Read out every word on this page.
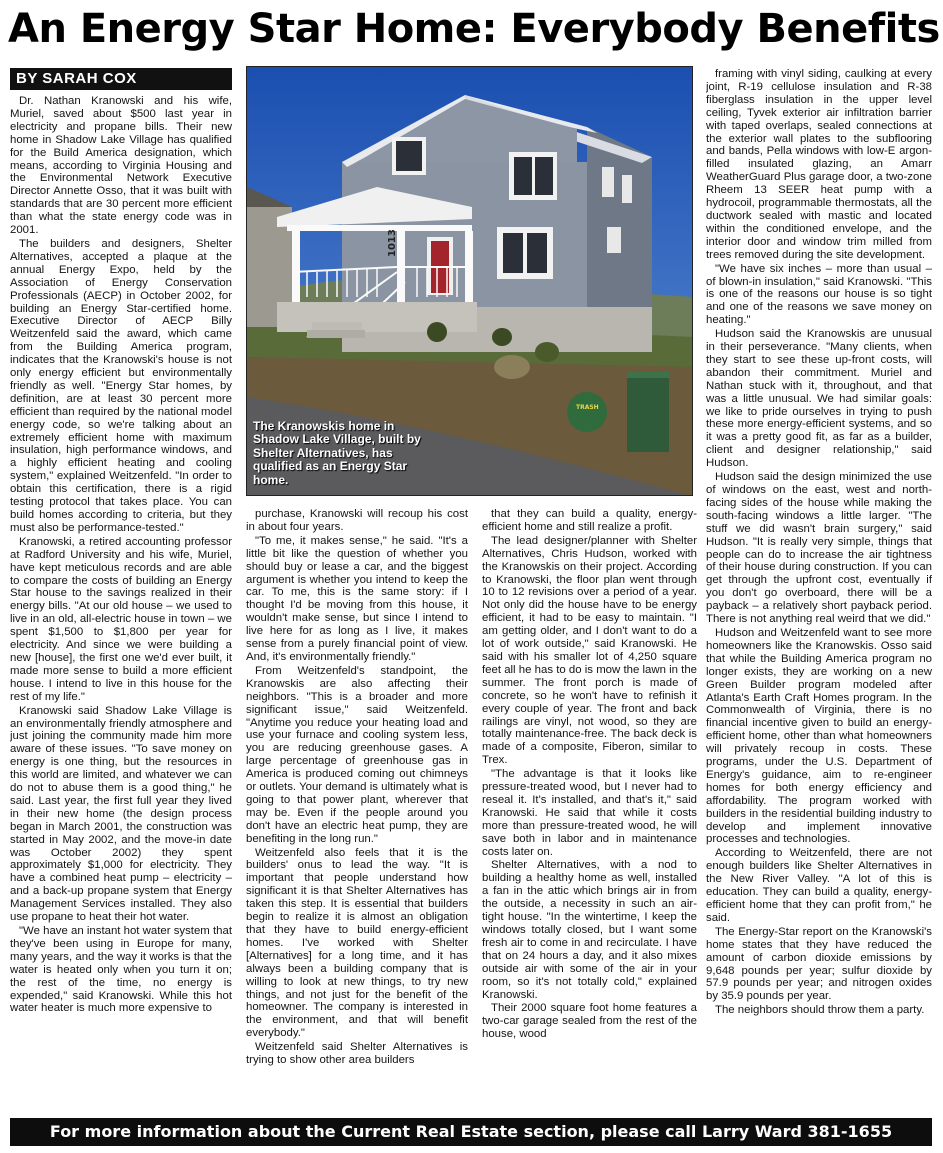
An Energy Star Home: Everybody Benefits
BY SARAH COX

Dr. Nathan Kranowski and his wife, Muriel, saved about $500 last year in electricity and propane bills. Their new home in Shadow Lake Village has qualified for the Build America designation, which means, according to Virginia Housing and the Environmental Network Executive Director Annette Osso, that it was built with standards that are 30 percent more efficient than what the state energy code was in 2001.

The builders and designers, Shelter Alternatives, accepted a plaque at the annual Energy Expo, held by the Association of Energy Conservation Professionals (AECP) in October 2002, for building an Energy Star-certified home. Executive Director of AECP Billy Weitzenfeld said the award, which came from the Building America program, indicates that the Kranowski's house is not only energy efficient but environmentally friendly as well. "Energy Star homes, by definition, are at least 30 percent more efficient than required by the national model energy code, so we're talking about an extremely efficient home with maximum insulation, high performance windows, and a highly efficient heating and cooling system," explained Weitzenfeld. "In order to obtain this certification, there is a rigid testing protocol that takes place. You can build homes according to criteria, but they must also be performance-tested."

Kranowski, a retired accounting professor at Radford University and his wife, Muriel, have kept meticulous records and are able to compare the costs of building an Energy Star house to the savings realized in their energy bills. "At our old house – we used to live in an old, all-electric house in town – we spent $1,500 to $1,800 per year for electricity. And since we were building a new [house], the first one we'd ever built, it made more sense to build a more efficient house. I intend to live in this house for the rest of my life."

Kranowski said Shadow Lake Village is an environmentally friendly atmosphere and just joining the community made him more aware of these issues. "To save money on energy is one thing, but the resources in this world are limited, and whatever we can do not to abuse them is a good thing," he said. Last year, the first full year they lived in their new home (the design process began in March 2001, the construction was started in May 2002, and the move-in date was October 2002) they spent approximately $1,000 for electricity. They have a combined heat pump – electricity – and a back-up propane system that Energy Management Services installed. They also use propane to heat their hot water.

"We have an instant hot water system that they've been using in Europe for many, many years, and the way it works is that the water is heated only when you turn it on; the rest of the time, no energy is expended," said Kranowski. While this hot water heater is much more expensive to

1013
TRASH
The Kranowskis home in Shadow Lake Village, built by Shelter Alternatives, has qualified as an Energy Star home.

purchase, Kranowski will recoup his cost in about four years.

"To me, it makes sense," he said. "It's a little bit like the question of whether you should buy or lease a car, and the biggest argument is whether you intend to keep the car. To me, this is the same story: if I thought I'd be moving from this house, it wouldn't make sense, but since I intend to live here for as long as I live, it makes sense from a purely financial point of view. And, it's environmentally friendly."

From Weitzenfeld's standpoint, the Kranowskis are also affecting their neighbors. "This is a broader and more significant issue," said Weitzenfeld. "Anytime you reduce your heating load and use your furnace and cooling system less, you are reducing greenhouse gases. A large percentage of greenhouse gas in America is produced coming out chimneys or outlets. Your demand is ultimately what is going to that power plant, wherever that may be. Even if the people around you don't have an electric heat pump, they are benefiting in the long run."

Weitzenfeld also feels that it is the builders' onus to lead the way. "It is important that people understand how significant it is that Shelter Alternatives has taken this step. It is essential that builders begin to realize it is almost an obligation that they have to build energy-efficient homes. I've worked with Shelter [Alternatives] for a long time, and it has always been a building company that is willing to look at new things, to try new things, and not just for the benefit of the homeowner. The company is interested in the environment, and that will benefit everybody."

Weitzenfeld said Shelter Alternatives is trying to show other area builders

that they can build a quality, energy-efficient home and still realize a profit.

The lead designer/planner with Shelter Alternatives, Chris Hudson, worked with the Kranowskis on their project. According to Kranowski, the floor plan went through 10 to 12 revisions over a period of a year. Not only did the house have to be energy efficient, it had to be easy to maintain. "I am getting older, and I don't want to do a lot of work outside," said Kranowski. He said with his smaller lot of 4,250 square feet all he has to do is mow the lawn in the summer. The front porch is made of concrete, so he won't have to refinish it every couple of year. The front and back railings are vinyl, not wood, so they are totally maintenance-free. The back deck is made of a composite, Fiberon, similar to Trex.

"The advantage is that it looks like pressure-treated wood, but I never had to reseal it. It's installed, and that's it," said Kranowski. He said that while it costs more than pressure-treated wood, he will save both in labor and in maintenance costs later on.

Shelter Alternatives, with a nod to building a healthy home as well, installed a fan in the attic which brings air in from the outside, a necessity in such an air-tight house. "In the wintertime, I keep the windows totally closed, but I want some fresh air to come in and recirculate. I have that on 24 hours a day, and it also mixes outside air with some of the air in your room, so it's not totally cold," explained Kranowski.

Their 2000 square foot home features a two-car garage sealed from the rest of the house, wood

framing with vinyl siding, caulking at every joint, R-19 cellulose insulation and R-38 fiberglass insulation in the upper level ceiling, Tyvek exterior air infiltration barrier with taped overlaps, sealed connections at the exterior wall plates to the subflooring and bands, Pella windows with low-E argon-filled insulated glazing, an Amarr WeatherGuard Plus garage door, a two-zone Rheem 13 SEER heat pump with a hydrocoil, programmable thermostats, all the ductwork sealed with mastic and located within the conditioned envelope, and the interior door and window trim milled from trees removed during the site development.

"We have six inches – more than usual – of blown-in insulation," said Kranowski. "This is one of the reasons our house is so tight and one of the reasons we save money on heating."

Hudson said the Kranowskis are unusual in their perseverance. "Many clients, when they start to see these up-front costs, will abandon their commitment. Muriel and Nathan stuck with it, throughout, and that was a little unusual. We had similar goals: we like to pride ourselves in trying to push these more energy-efficient systems, and so it was a pretty good fit, as far as a builder, client and designer relationship," said Hudson.

Hudson said the design minimized the use of windows on the east, west and north-facing sides of the house while making the south-facing windows a little larger. "The stuff we did wasn't brain surgery," said Hudson. "It is really very simple, things that people can do to increase the air tightness of their house during construction. If you can get through the upfront cost, eventually if you don't go overboard, there will be a payback – a relatively short payback period. There is not anything real weird that we did."

Hudson and Weitzenfeld want to see more homeowners like the Kranowskis. Osso said that while the Building America program no longer exists, they are working on a new Green Builder program modeled after Atlanta's Earth Craft Homes program. In the Commonwealth of Virginia, there is no financial incentive given to build an energy-efficient home, other than what homeowners will privately recoup in costs. These programs, under the U.S. Department of Energy's guidance, aim to re-engineer homes for both energy efficiency and affordability. The program worked with builders in the residential building industry to develop and implement innovative processes and technologies.

According to Weitzenfeld, there are not enough builders like Shelter Alternatives in the New River Valley. "A lot of this is education. They can build a quality, energy-efficient home that they can profit from," he said.

The Energy-Star report on the Kranowski's home states that they have reduced the amount of carbon dioxide emissions by 9,648 pounds per year; sulfur dioxide by 57.9 pounds per year; and nitrogen oxides by 35.9 pounds per year.

The neighbors should throw them a party.

For more information about the Current Real Estate section, please call Larry Ward 381-1655
